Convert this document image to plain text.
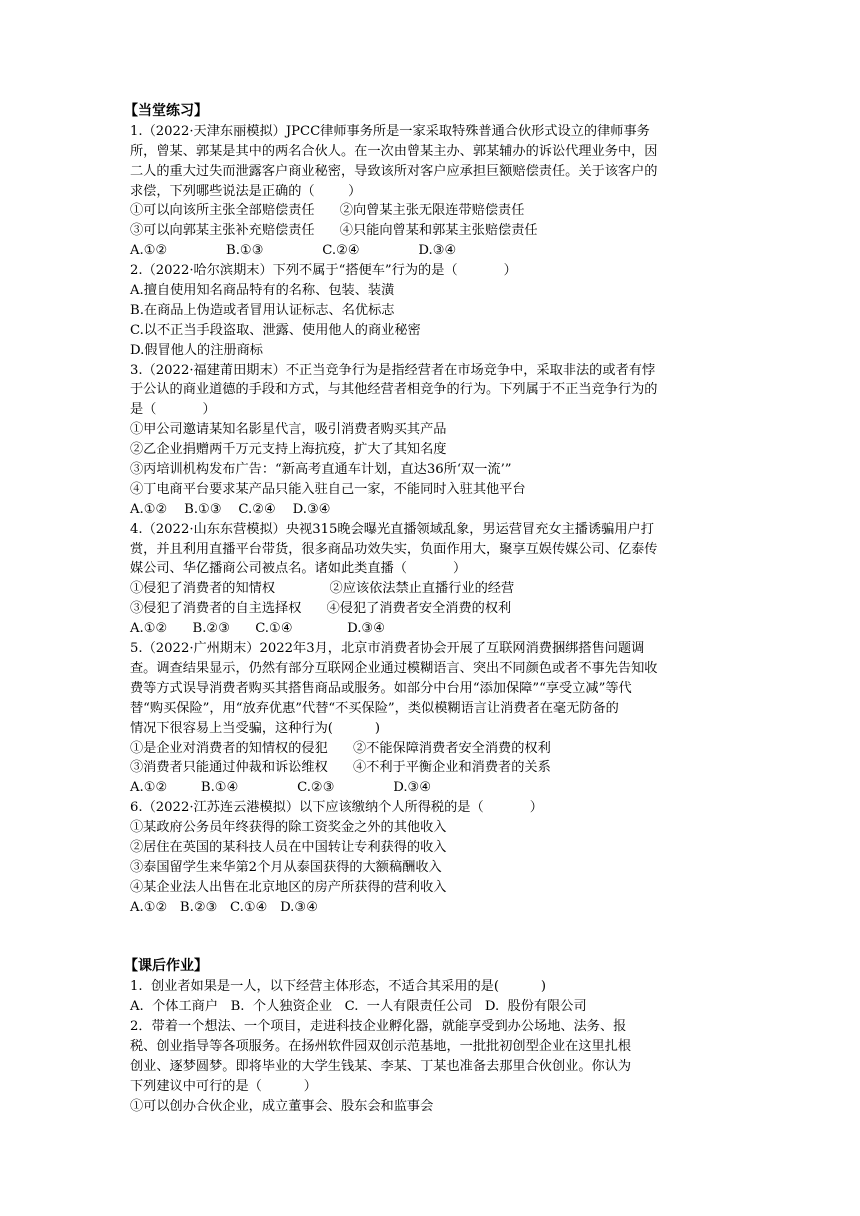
【当堂练习】
1.（2022·天津东丽模拟）JPCC律师事务所是一家采取特殊普通合伙形式设立的律师事务
所，曾某、郭某是其中的两名合伙人。在一次由曾某主办、郭某辅办的诉讼代理业务中，因
二人的重大过失而泄露客户商业秘密，导致该所对客户应承担巨额赔偿责任。关于该客户的
求偿，下列哪些说法是正确的（        ）
①可以向该所主张全部赔偿责任      ②向曾某主张无限连带赔偿责任
③可以向郭某主张补充赔偿责任      ④只能向曾某和郭某主张赔偿责任
A.①②              B.①③              C.②④              D.③④
2.（2022·哈尔滨期末）下列不属于“搭便车”行为的是（           ）
A.擅自使用知名商品特有的名称、包装、装潢
B.在商品上伪造或者冒用认证标志、名优标志
C.以不正当手段盗取、泄露、使用他人的商业秘密
D.假冒他人的注册商标
3.（2022·福建莆田期末）不正当竞争行为是指经营者在市场竞争中，采取非法的或者有悖
于公认的商业道德的手段和方式，与其他经营者相竞争的行为。下列属于不正当竞争行为的
是（           ）
①甲公司邀请某知名影星代言，吸引消费者购买其产品
②乙企业捐赠两千万元支持上海抗疫，扩大了其知名度
③丙培训机构发布广告：“新高考直通车计划，直达36所‘双一流’”
④丁电商平台要求某产品只能入驻自己一家，不能同时入驻其他平台
A.①②    B.①③    C.②④    D.③④
4.（2022·山东东营模拟）央视315晚会曝光直播领域乱象，男运营冒充女主播诱骗用户打
赏，并且利用直播平台带货，很多商品功效失实，负面作用大，聚享互娱传媒公司、亿泰传
媒公司、华亿播商公司被点名。诸如此类直播（           ）
①侵犯了消费者的知情权             ②应该依法禁止直播行业的经营
③侵犯了消费者的自主选择权      ④侵犯了消费者安全消费的权利
A.①②      B.②③      C.①④             D.③④
5.（2022·广州期末）2022年3月，北京市消费者协会开展了互联网消费捆绑搭售问题调
查。调查结果显示，仍然有部分互联网企业通过模糊语言、突出不同颜色或者不事先告知收
费等方式误导消费者购买其搭售商品或服务。如部分中台用“添加保障”“享受立减”等代
替“购买保险”，用“放弃优惠”代替“不买保险”，类似模糊语言让消费者在毫无防备的
情况下很容易上当受骗，这种行为(          )
①是企业对消费者的知情权的侵犯      ②不能保障消费者安全消费的权利
③消费者只能通过仲裁和诉讼维权      ④不利于平衡企业和消费者的关系
A.①②        B.①④              C.②③              D.③④
6.（2022·江苏连云港模拟）以下应该缴纳个人所得税的是（           ）
①某政府公务员年终获得的除工资奖金之外的其他收入
②居住在英国的某科技人员在中国转让专利获得的收入
③泰国留学生来华第2个月从泰国获得的大额稿酬收入
④某企业法人出售在北京地区的房产所获得的营利收入
A.①②   B.②③   C.①④   D.③④
【课后作业】
1.  创业者如果是一人，以下经营主体形态，不适合其采用的是(          )
A.  个体工商户   B.  个人独资企业   C.  一人有限责任公司   D.  股份有限公司
2．带着一个想法、一个项目，走进科技企业孵化器，就能享受到办公场地、法务、报
税、创业指导等各项服务。在扬州软件园双创示范基地，一批批初创型企业在这里扎根
创业、逐梦圆梦。即将毕业的大学生钱某、李某、丁某也准备去那里合伙创业。你认为
下列建议中可行的是（          ）
①可以创办合伙企业，成立董事会、股东会和监事会
